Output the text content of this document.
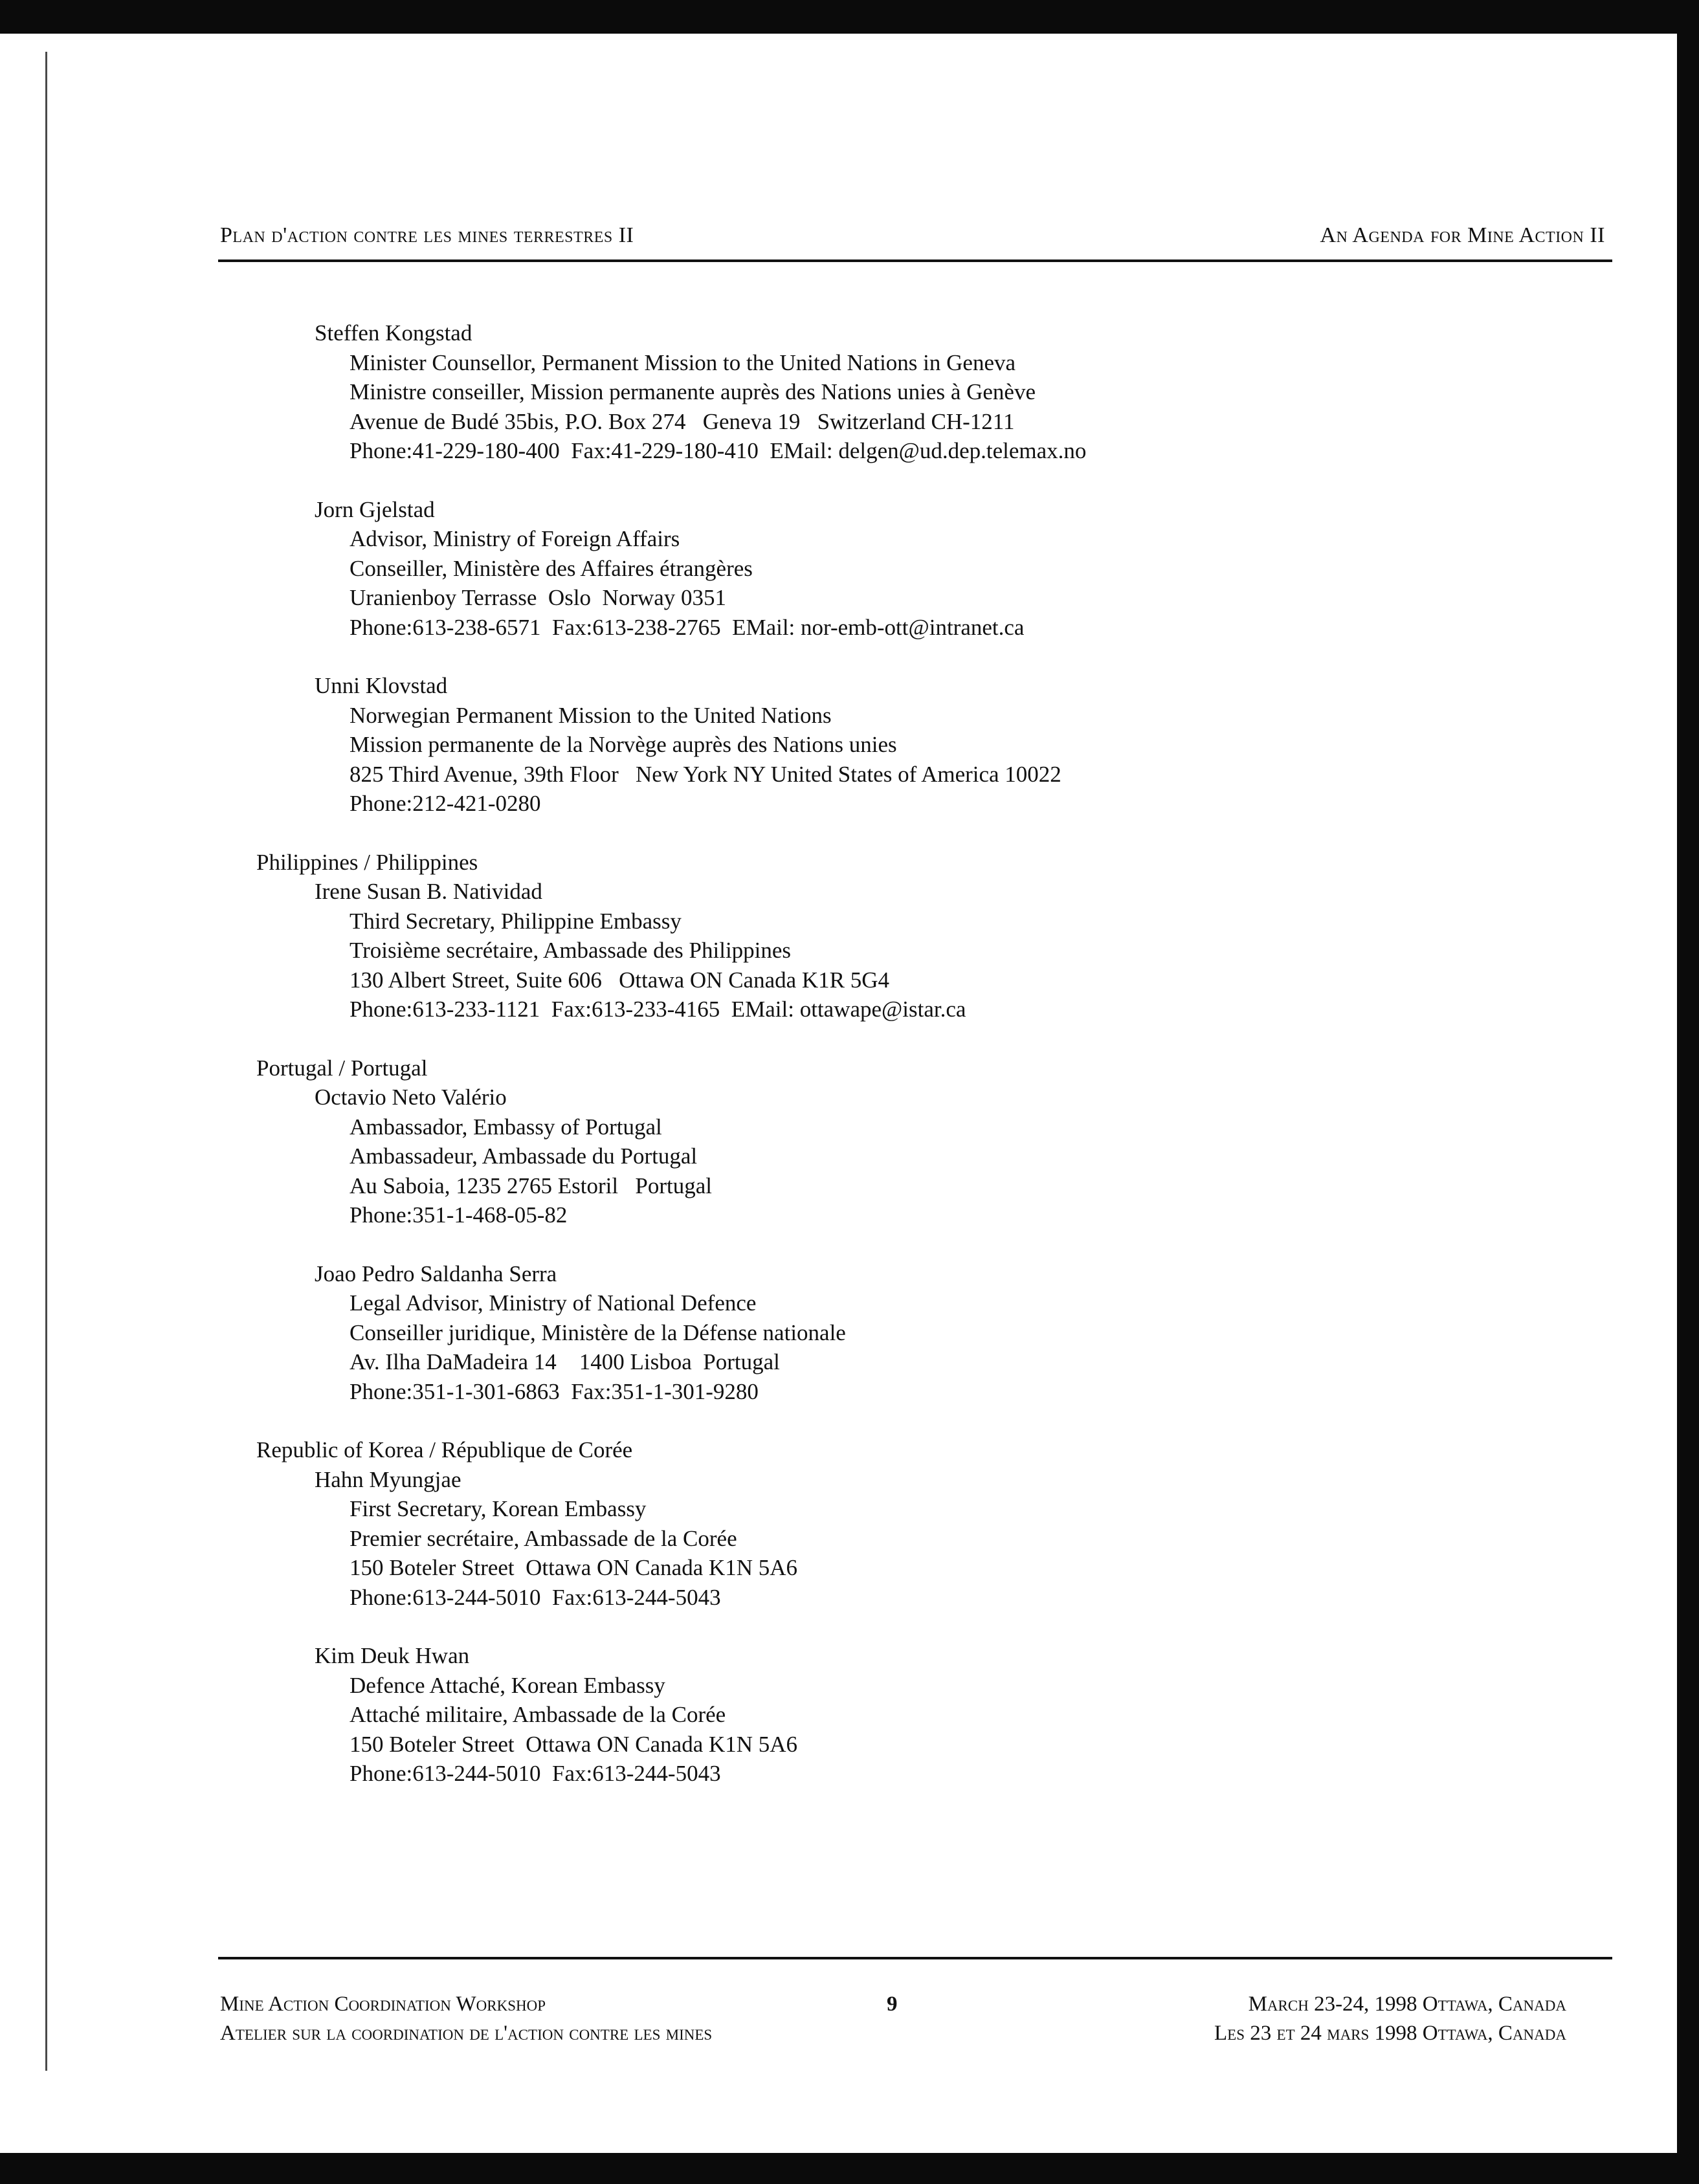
Plan d'action contre les mines terrestres II	An Agenda for Mine Action II
Steffen Kongstad
Minister Counsellor, Permanent Mission to the United Nations in Geneva
Ministre conseiller, Mission permanente auprès des Nations unies à Genève
Avenue de Budé 35bis, P.O. Box 274   Geneva 19   Switzerland CH-1211
Phone:41-229-180-400  Fax:41-229-180-410  EMail: delgen@ud.dep.telemax.no
Jorn Gjelstad
Advisor, Ministry of Foreign Affairs
Conseiller, Ministère des Affaires étrangères
Uranienboy Terrasse  Oslo  Norway 0351
Phone:613-238-6571  Fax:613-238-2765  EMail: nor-emb-ott@intranet.ca
Unni Klovstad
Norwegian Permanent Mission to the United Nations
Mission permanente de la Norvège auprès des Nations unies
825 Third Avenue, 39th Floor   New York NY United States of America 10022
Phone:212-421-0280
Philippines / Philippines
Irene Susan B. Natividad
Third Secretary, Philippine Embassy
Troisième secrétaire, Ambassade des Philippines
130 Albert Street, Suite 606   Ottawa ON Canada K1R 5G4
Phone:613-233-1121  Fax:613-233-4165  EMail: ottawape@istar.ca
Portugal / Portugal
Octavio Neto Valério
Ambassador, Embassy of Portugal
Ambassadeur, Ambassade du Portugal
Au Saboia, 1235 2765 Estoril   Portugal
Phone:351-1-468-05-82
Joao Pedro Saldanha Serra
Legal Advisor, Ministry of National Defence
Conseiller juridique, Ministère de la Défense nationale
Av. Ilha DaMadeira 14    1400 Lisboa  Portugal
Phone:351-1-301-6863  Fax:351-1-301-9280
Republic of Korea / République de Corée
Hahn Myungjae
First Secretary, Korean Embassy
Premier secrétaire, Ambassade de la Corée
150 Boteler Street  Ottawa ON Canada K1N 5A6
Phone:613-244-5010  Fax:613-244-5043
Kim Deuk Hwan
Defence Attaché, Korean Embassy
Attaché militaire, Ambassade de la Corée
150 Boteler Street  Ottawa ON Canada K1N 5A6
Phone:613-244-5010  Fax:613-244-5043
Mine Action Coordination Workshop
Atelier sur la coordination de l'action contre les mines
9	March 23-24, 1998 Ottawa, Canada
Les 23 et 24 mars 1998 Ottawa, Canada
